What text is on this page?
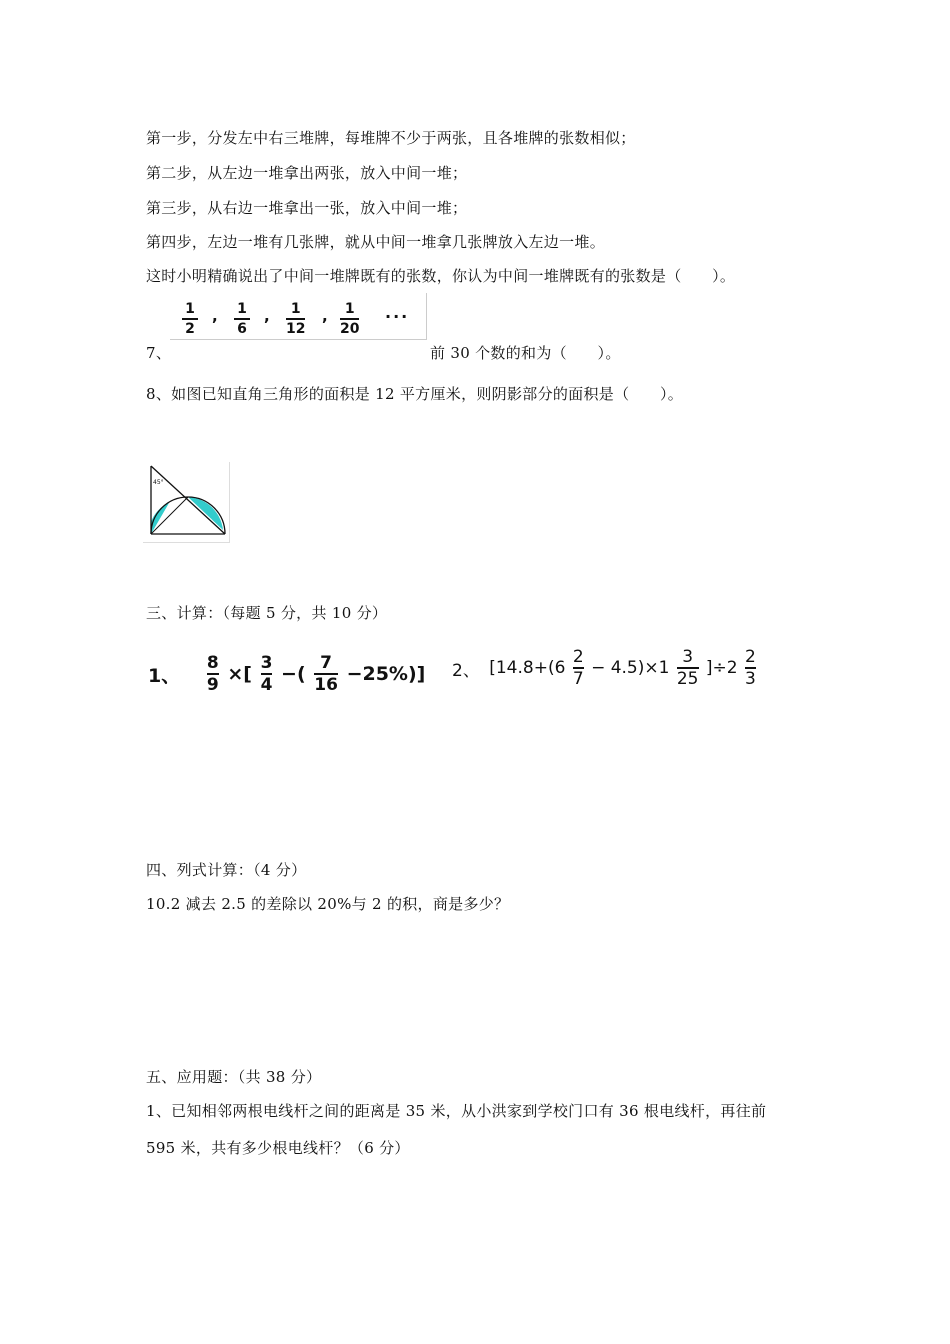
第一步，分发左中右三堆牌，每堆牌不少于两张，且各堆牌的张数相似；
第二步，从左边一堆拿出两张，放入中间一堆；
第三步，从右边一堆拿出一张，放入中间一堆；
第四步，左边一堆有几张牌，就从中间一堆拿几张牌放入左边一堆。
这时小明精确说出了中间一堆牌既有的张数，你认为中间一堆牌既有的张数是（　　）。
1
2
, 1
6
, 1
12
, 1
20
...
7、	前 30 个数的和为（　　）。
8、如图已知直角三角形的面积是 12 平方厘米，则阴影部分的面积是（　　）。
45°
三、计算：（每题 5 分，共 10 分）
1、 $\frac{8}{9}$ ×[ $\frac{3}{4}$ −( $\frac{7}{16} -25\%$)] 2、 $[14.8+(6 \frac{2}{7} - 4.5)\times 1 \frac{3}{25} ]\div 2 \frac{2}{3}$
四、列式计算：（4 分）
10.2 减去 2.5 的差除以 20%与 2 的积，商是多少？
五、应用题：（共 38 分）
1、已知相邻两根电线杆之间的距离是 35 米，从小洪家到学校门口有 36 根电线杆，再往前
595 米，共有多少根电线杆？（6 分）
